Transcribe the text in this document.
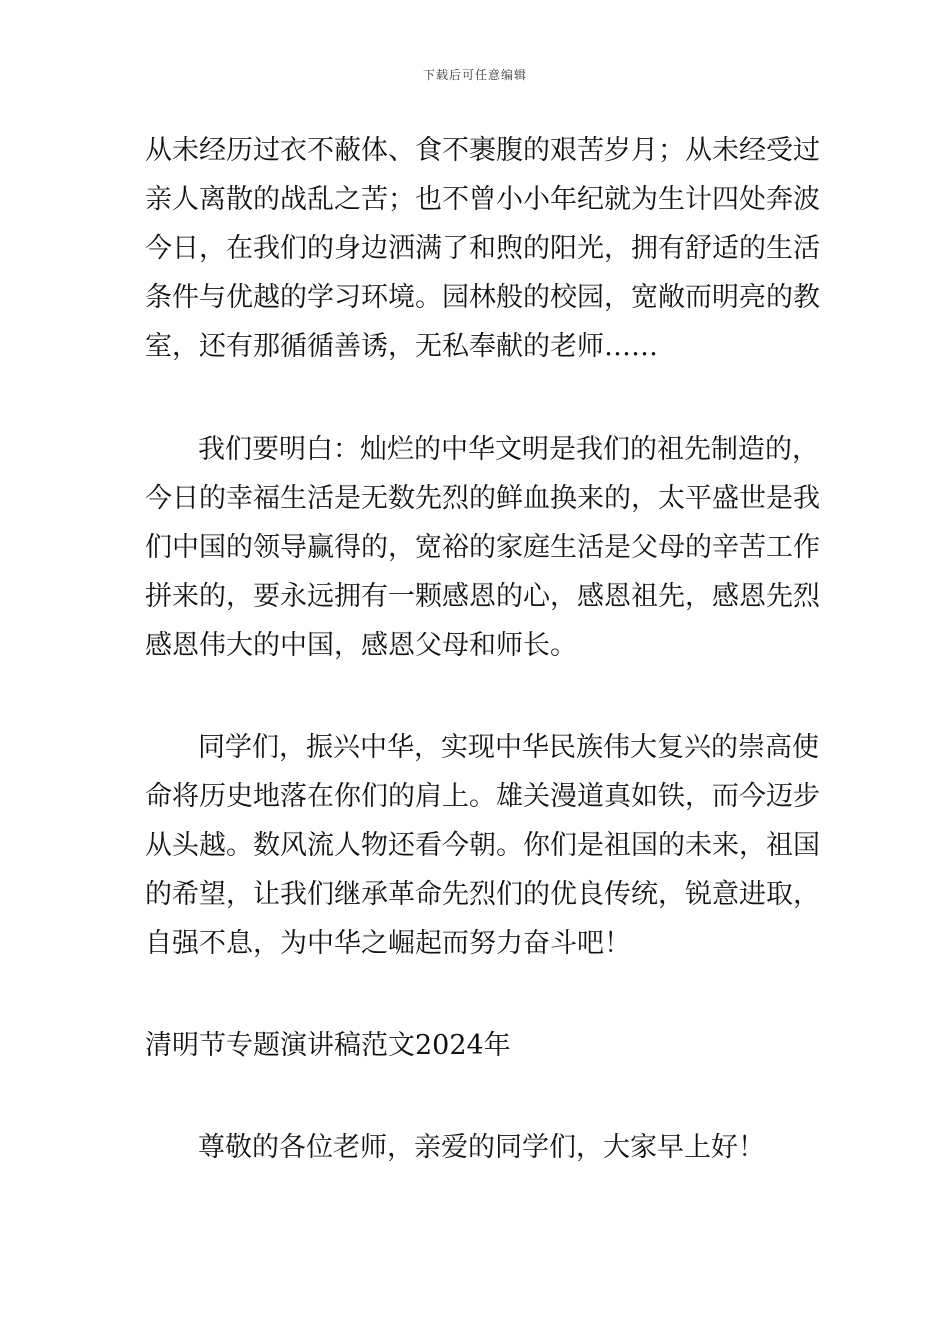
下载后可任意编辑
从未经历过衣不蔽体、食不裹腹的艰苦岁月；从未经受过
亲人离散的战乱之苦；也不曾小小年纪就为生计四处奔波
今日，在我们的身边洒满了和煦的阳光，拥有舒适的生活
条件与优越的学习环境。园林般的校园，宽敞而明亮的教
室，还有那循循善诱，无私奉献的老师……
我们要明白：灿烂的中华文明是我们的祖先制造的，
今日的幸福生活是无数先烈的鲜血换来的，太平盛世是我
们中国的领导赢得的，宽裕的家庭生活是父母的辛苦工作
拼来的，要永远拥有一颗感恩的心，感恩祖先，感恩先烈
感恩伟大的中国，感恩父母和师长。
同学们，振兴中华，实现中华民族伟大复兴的崇高使
命将历史地落在你们的肩上。雄关漫道真如铁，而今迈步
从头越。数风流人物还看今朝。你们是祖国的未来，祖国
的希望，让我们继承革命先烈们的优良传统，锐意进取，
自强不息，为中华之崛起而努力奋斗吧！
清明节专题演讲稿范文2024年
尊敬的各位老师，亲爱的同学们，大家早上好！
